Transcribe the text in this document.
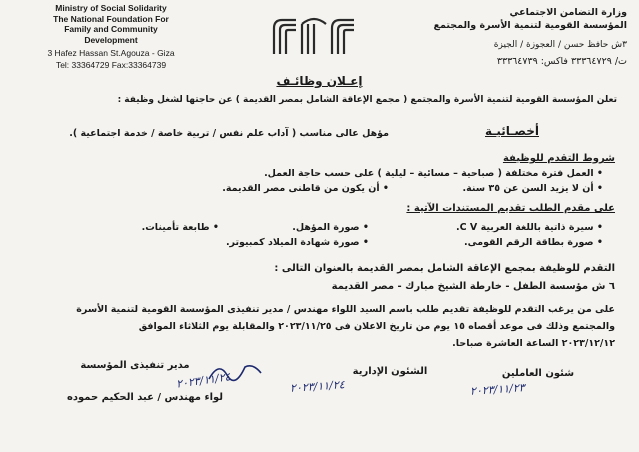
Ministry of Social Solidarity
The National Foundation For
Family and Community
Development
3 Hafez Hassan St.Agouza - Giza
Tel: 33364729 Fax:33364739
وزارة التضامن الاجتماعي
المؤسسة القومية لتنمية الأسرة والمجتمع
٣ش حافظ حسن / العجوزة / الجيزة
ت/ ٣٣٣٦٤٧٢٩ فاكس: ٣٣٣٦٤٧٣٩
إعـلان وظائـف
تعلن المؤسسة القومية لتنمية الأسرة والمجتمع ( مجمع الإعاقة الشامل بمصر القديمة ) عن حاجتها لشغل وظيفة :
أخصـائيـة
مؤهل عالى مناسب ( آداب علم نفس / تربية خاصة / خدمة اجتماعية ).
شروط التقدم للوظيفة
• العمل فترة مختلفة ( صباحية – مسائية – ليلية ) على حسب حاجة العمل.
• أن لا يزيد السن عن ٣٥ سنة.
• أن يكون من قاطنى مصر القديمة.
على مقدم الطلب تقديم المستندات الآتية :
• سيرة ذاتية باللغة العربية C V.
• صورة المؤهل.
• طابعة تأمينات.
• صورة بطاقة الرقم القومى.
• صورة شهادة الميلاد كمبيوتر.
التقدم للوظيفة بمجمع الإعاقة الشامل بمصر القديمة بالعنوان التالى :
٦ ش مؤسسة الطفل - خارطة الشيخ مبارك - مصر القديمة
على من يرغب التقدم للوظيفة تقديم طلب باسم السيد اللواء مهندس / مدير تنفيذى المؤسسة القومية لتنمية الأسرة
والمجتمع وذلك فى موعد أقصاه ١٥ يوم من تاريخ الاعلان فى ٢٠٢٣/١١/٢٥ والمقابلة يوم الثلاثاء الموافق
٢٠٢٣/١٢/١٢ الساعة العاشرة صباحا.
مدير تنفيذى المؤسسة
الشئون الإدارية	شئون العاملين
٢٠٢٣/١١/٢٤	٢٠٢٣/١١/٢٤	٢٠٢٣/١١/٢٣
لواء مهندس / عبد الحكيم حموده
